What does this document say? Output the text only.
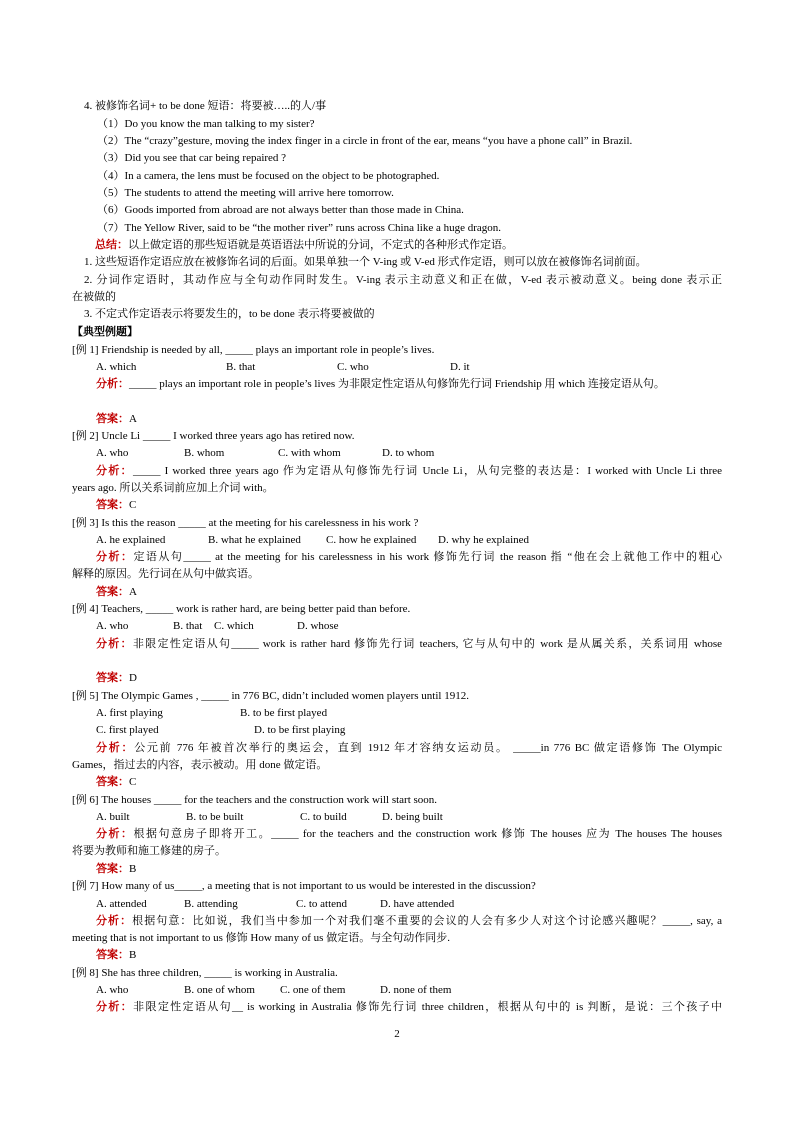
4. 被修饰名词+ to be done 短语：将要被…..的人/事
（1）Do you know the man talking to my sister?
（2）The “crazy”gesture, moving the index finger in a circle in front of the ear, means “you have a phone call” in Brazil.
（3）Did you see that car being repaired ?
（4）In a camera, the lens must be focused on the object to be photographed.
（5）The students to attend the meeting will arrive here tomorrow.
（6）Goods imported from abroad are not always better than those made in China.
（7）The Yellow River, said to be “the mother river” runs across China like a huge dragon.
总结：以上做定语的那些短语就是英语语法中所说的分词，不定式的各种形式作定语。
1. 这些短语作定语应放在被修饰名词的后面。如果单独一个 V-ing 或 V-ed 形式作定语，则可以放在被修饰名词前面。
2. 分词作定语时，其动作应与全句动作同时发生。V-ing 表示主动意义和正在做，V-ed 表示被动意义。being done 表示正
在被做的
3. 不定式作定语表示将要发生的，to be done 表示将要被做的
【典型例题】
[例 1] Friendship is needed by all, _____ plays an important role in people’s lives.
A. which	B. that	C. who	D. it
分析：_____ plays an important role in people’s lives 为非限定性定语从句修饰先行词 Friendship 用 which 连接定语从句。
答案：A
[例 2] Uncle Li _____ I worked three years ago has retired now.
A. who	B. whom	C. with whom	D. to whom
分析：_____ I worked three years ago 作为定语从句修饰先行词 Uncle Li，从句完整的表达是：I worked with Uncle Li three
years ago. 所以关系词前应加上介词 with。
答案：C
[例 3] Is this the reason _____ at the meeting for his carelessness in his work ?
A. he explained	B. what he explained C. how he explained D. why he explained
分析：定语从句_____ at the meeting for his carelessness in his work 修饰先行词 the reason 指 “他在会上就他工作中的粗心
解释的原因。先行词在从句中做宾语。
答案：A
[例 4] Teachers, _____ work is rather hard, are being better paid than before.
A. who	B. that C. which	D. whose
分析：非限定性定语从句_____ work is rather hard 修饰先行词 teachers, 它与从句中的 work 是从属关系，关系词用 whose
答案：D
[例 5] The Olympic Games , _____ in 776 BC, didn’t included women players until 1912.
A. first playing	B. to be first played
C. first played	D. to be first playing
分析：公元前 776 年被首次举行的奥运会，直到 1912 年才容纳女运动员。 _____in 776 BC 做定语修饰 The Olympic
Games，指过去的内容，表示被动。用 done 做定语。
答案：C
[例 6] The houses _____ for the teachers and the construction work will start soon.
A. built	B. to be built	C. to build	D. being built
分析：根据句意房子即将开工。_____ for the teachers and the construction work 修饰 The houses 应为 The houses The houses
将要为教师和施工修建的房子。
答案：B
[例 7] How many of us_____, a meeting that is not important to us would be interested in the discussion?
A. attended	B. attending	C. to attend	D. have attended
分析：根据句意：比如说，我们当中参加一个对我们毫不重要的会议的人会有多少人对这个讨论感兴趣呢？_____, say, a
meeting that is not important to us 修饰 How many of us 做定语。与全句动作同步.
答案：B
[例 8] She has three children, _____ is working in Australia.
A. who	B. one of whom C. one of them	D. none of them
分析：非限定性定语从句__ is working in Australia 修饰先行词 three children，根据从句中的 is 判断，是说：三个孩子中
2
